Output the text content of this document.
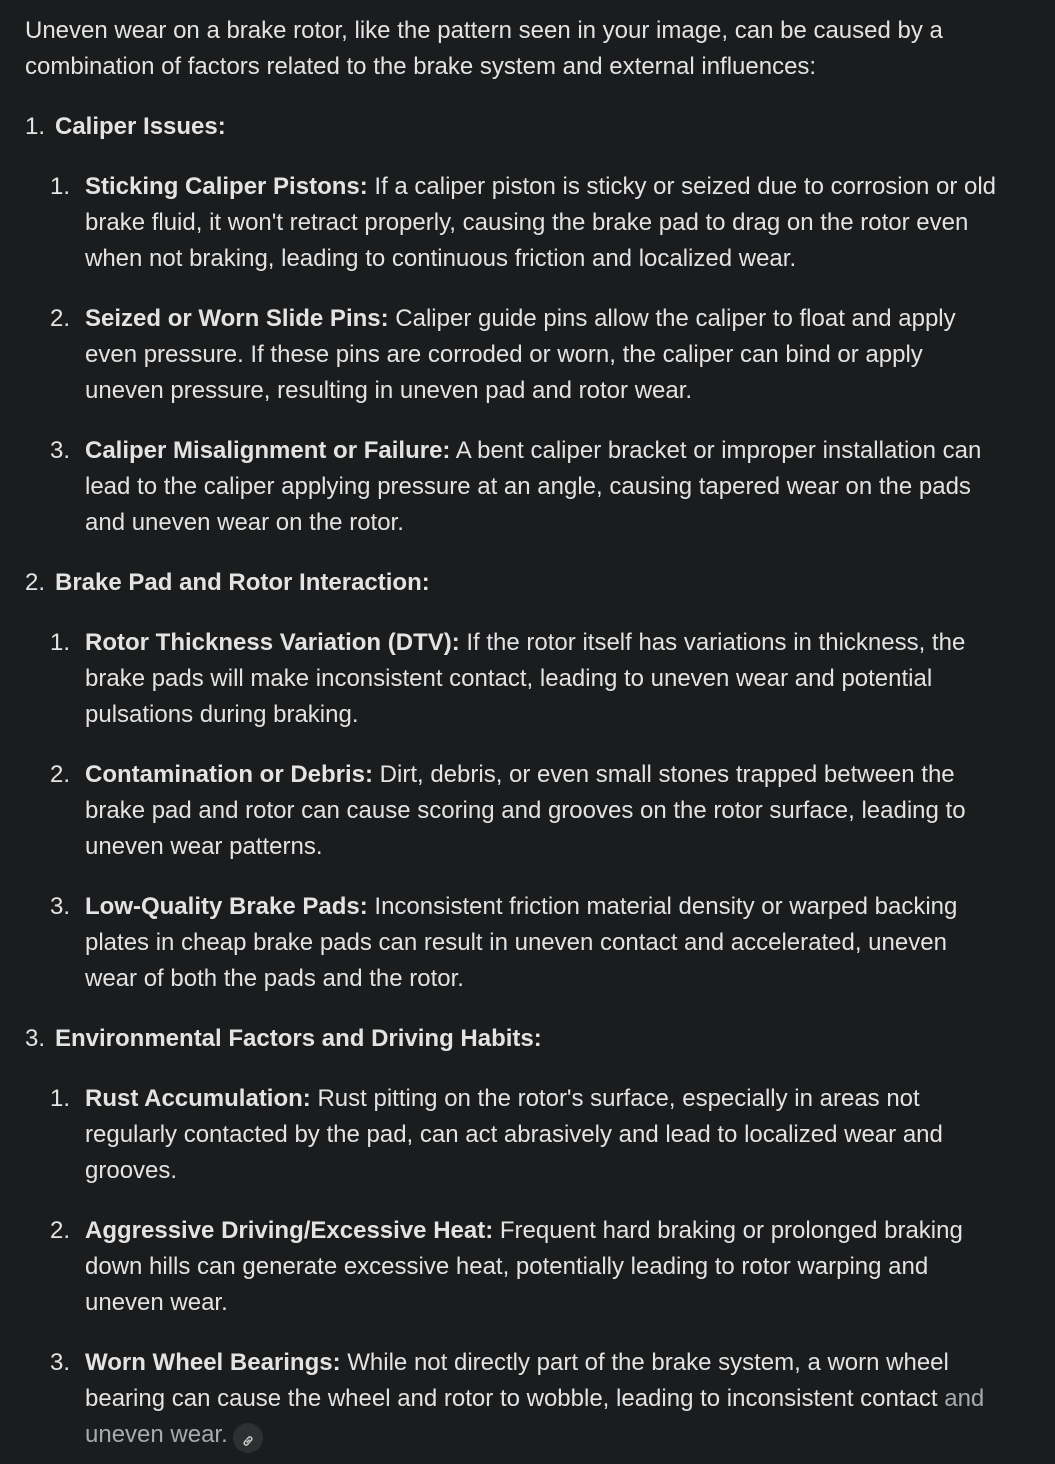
Uneven wear on a brake rotor, like the pattern seen in your image, can be caused by a combination of factors related to the brake system and external influences:

1. Caliper Issues:
1. Sticking Caliper Pistons: If a caliper piston is sticky or seized due to corrosion or old brake fluid, it won't retract properly, causing the brake pad to drag on the rotor even when not braking, leading to continuous friction and localized wear.
2. Seized or Worn Slide Pins: Caliper guide pins allow the caliper to float and apply even pressure. If these pins are corroded or worn, the caliper can bind or apply uneven pressure, resulting in uneven pad and rotor wear.
3. Caliper Misalignment or Failure: A bent caliper bracket or improper installation can lead to the caliper applying pressure at an angle, causing tapered wear on the pads and uneven wear on the rotor.
2. Brake Pad and Rotor Interaction:
1. Rotor Thickness Variation (DTV): If the rotor itself has variations in thickness, the brake pads will make inconsistent contact, leading to uneven wear and potential pulsations during braking.
2. Contamination or Debris: Dirt, debris, or even small stones trapped between the brake pad and rotor can cause scoring and grooves on the rotor surface, leading to uneven wear patterns.
3. Low-Quality Brake Pads: Inconsistent friction material density or warped backing plates in cheap brake pads can result in uneven contact and accelerated, uneven wear of both the pads and the rotor.
3. Environmental Factors and Driving Habits:
1. Rust Accumulation: Rust pitting on the rotor's surface, especially in areas not regularly contacted by the pad, can act abrasively and lead to localized wear and grooves.
2. Aggressive Driving/Excessive Heat: Frequent hard braking or prolonged braking down hills can generate excessive heat, potentially leading to rotor warping and uneven wear.
3. Worn Wheel Bearings: While not directly part of the brake system, a worn wheel bearing can cause the wheel and rotor to wobble, leading to inconsistent contact and uneven wear.
